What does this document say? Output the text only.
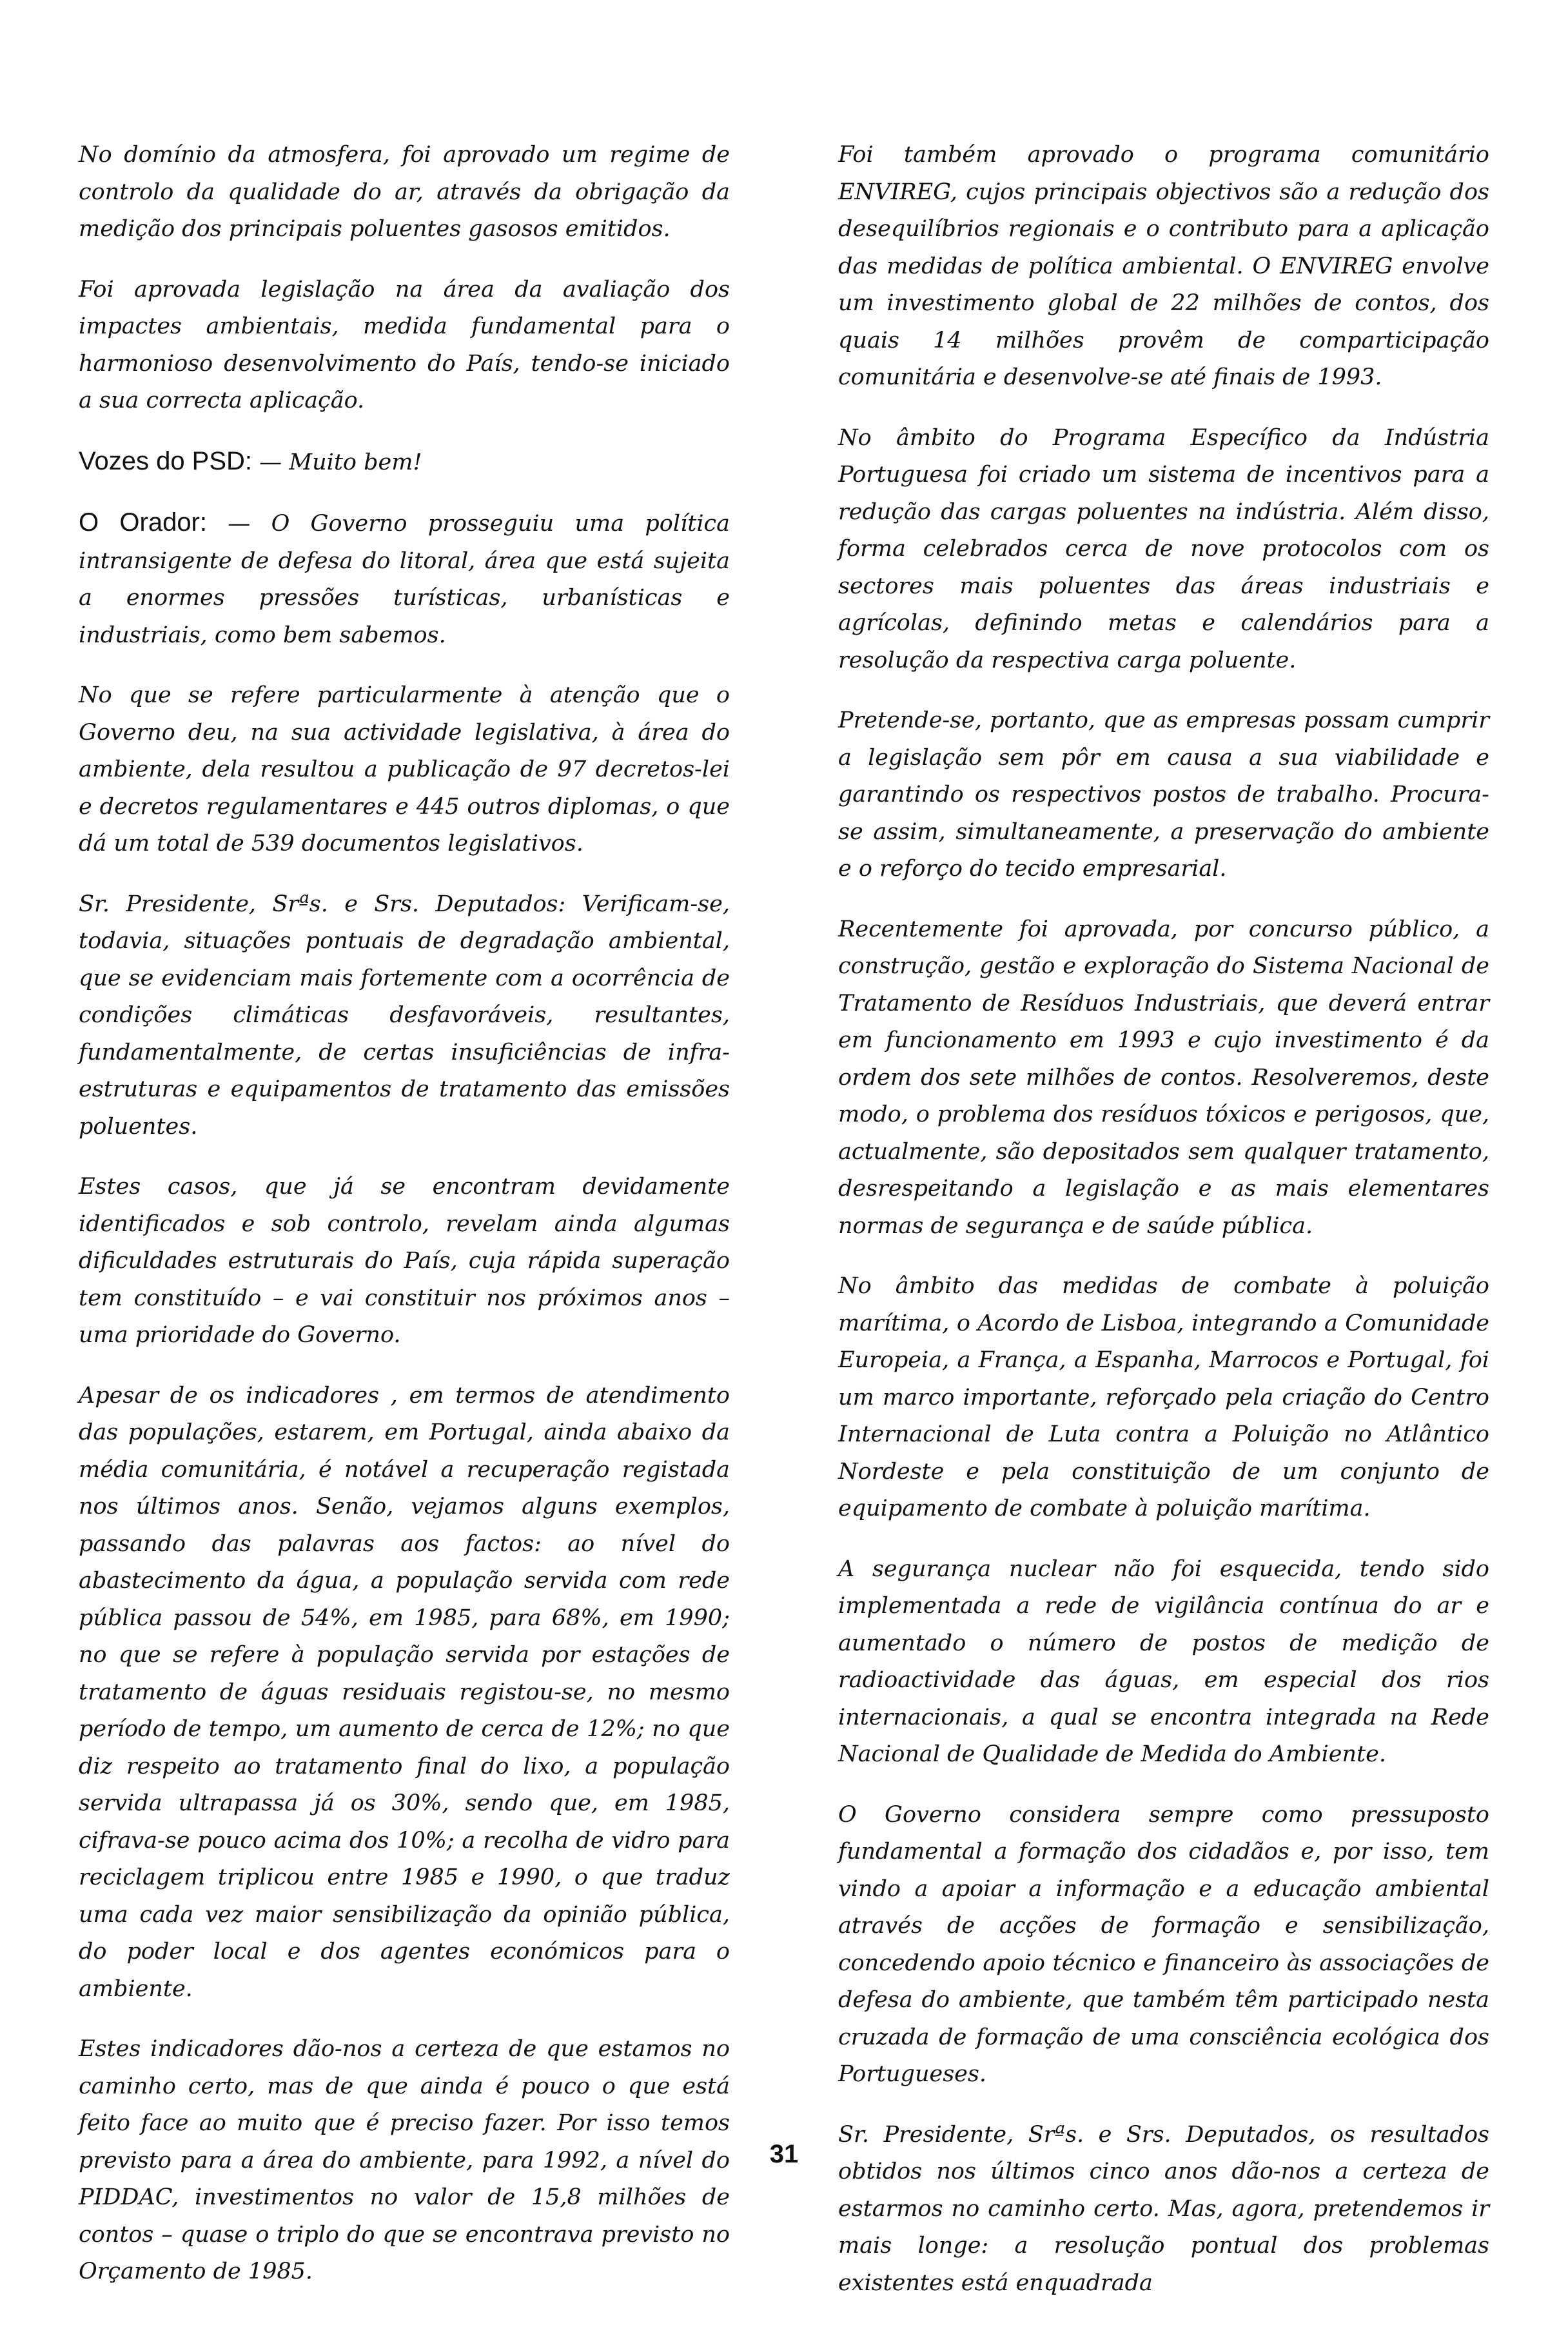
No domínio da atmosfera, foi aprovado um regime de controlo da qualidade do ar, através da obrigação da medição dos principais poluentes gasosos emitidos.

Foi aprovada legislação na área da avaliação dos impactes ambientais, medida fundamental para o harmonioso desenvolvimento do País, tendo-se iniciado a sua correcta aplicação.

Vozes do PSD: — Muito bem!

O Orador: — O Governo prosseguiu uma política intransigente de defesa do litoral, área que está sujeita a enormes pressões turísticas, urbanísticas e industriais, como bem sabemos.

No que se refere particularmente à atenção que o Governo deu, na sua actividade legislativa, à área do ambiente, dela resultou a publicação de 97 decretos-lei e decretos regulamentares e 445 outros diplomas, o que dá um total de 539 documentos legislativos.

Sr. Presidente, Srªs. e Srs. Deputados: Verificam-se, todavia, situações pontuais de degradação ambiental, que se evidenciam mais fortemente com a ocorrência de condições climáticas desfavoráveis, resultantes, fundamentalmente, de certas insuficiências de infra-estruturas e equipamentos de tratamento das emissões poluentes.

Estes casos, que já se encontram devidamente identificados e sob controlo, revelam ainda algumas dificuldades estruturais do País, cuja rápida superação tem constituído – e vai constituir nos próximos anos – uma prioridade do Governo.

Apesar de os indicadores , em termos de atendimento das populações, estarem, em Portugal, ainda abaixo da média comunitária, é notável a recuperação registada nos últimos anos. Senão, vejamos alguns exemplos, passando das palavras aos factos: ao nível do abastecimento da água, a população servida com rede pública passou de 54%, em 1985, para 68%, em 1990; no que se refere à população servida por estações de tratamento de águas residuais registou-se, no mesmo período de tempo, um aumento de cerca de 12%; no que diz respeito ao tratamento final do lixo, a população servida ultrapassa já os 30%, sendo que, em 1985, cifrava-se pouco acima dos 10%; a recolha de vidro para reciclagem triplicou entre 1985 e 1990, o que traduz uma cada vez maior sensibilização da opinião pública, do poder local e dos agentes económicos para o ambiente.

Estes indicadores dão-nos a certeza de que estamos no caminho certo, mas de que ainda é pouco o que está feito face ao muito que é preciso fazer. Por isso temos previsto para a área do ambiente, para 1992, a nível do PIDDAC, investimentos no valor de 15,8 milhões de contos – quase o triplo do que se encontrava previsto no Orçamento de 1985.

Foi também aprovado o programa comunitário ENVIREG, cujos principais objectivos são a redução dos desequilíbrios regionais e o contributo para a aplicação das medidas de política ambiental. O ENVIREG envolve um investimento global de 22 milhões de contos, dos quais 14 milhões provêm de comparticipação comunitária e desenvolve-se até finais de 1993.

No âmbito do Programa Específico da Indústria Portuguesa foi criado um sistema de incentivos para a redução das cargas poluentes na indústria. Além disso, forma celebrados cerca de nove protocolos com os sectores mais poluentes das áreas industriais e agrícolas, definindo metas e calendários para a resolução da respectiva carga poluente.

Pretende-se, portanto, que as empresas possam cumprir a legislação sem pôr em causa a sua viabilidade e garantindo os respectivos postos de trabalho. Procura-se assim, simultaneamente, a preservação do ambiente e o reforço do tecido empresarial.

Recentemente foi aprovada, por concurso público, a construção, gestão e exploração do Sistema Nacional de Tratamento de Resíduos Industriais, que deverá entrar em funcionamento em 1993 e cujo investimento é da ordem dos sete milhões de contos. Resolveremos, deste modo, o problema dos resíduos tóxicos e perigosos, que, actualmente, são depositados sem qualquer tratamento, desrespeitando a legislação e as mais elementares normas de segurança e de saúde pública.

No âmbito das medidas de combate à poluição marítima, o Acordo de Lisboa, integrando a Comunidade Europeia, a França, a Espanha, Marrocos e Portugal, foi um marco importante, reforçado pela criação do Centro Internacional de Luta contra a Poluição no Atlântico Nordeste e pela constituição de um conjunto de equipamento de combate à poluição marítima.

A segurança nuclear não foi esquecida, tendo sido implementada a rede de vigilância contínua do ar e aumentado o número de postos de medição de radioactividade das águas, em especial dos rios internacionais, a qual se encontra integrada na Rede Nacional de Qualidade de Medida do Ambiente.

O Governo considera sempre como pressuposto fundamental a formação dos cidadãos e, por isso, tem vindo a apoiar a informação e a educação ambiental através de acções de formação e sensibilização, concedendo apoio técnico e financeiro às associações de defesa do ambiente, que também têm participado nesta cruzada de formação de uma consciência ecológica dos Portugueses.

Sr. Presidente, Srªs. e Srs. Deputados, os resultados obtidos nos últimos cinco anos dão-nos a certeza de estarmos no caminho certo. Mas, agora, pretendemos ir mais longe: a resolução pontual dos problemas existentes está enquadrada

31
